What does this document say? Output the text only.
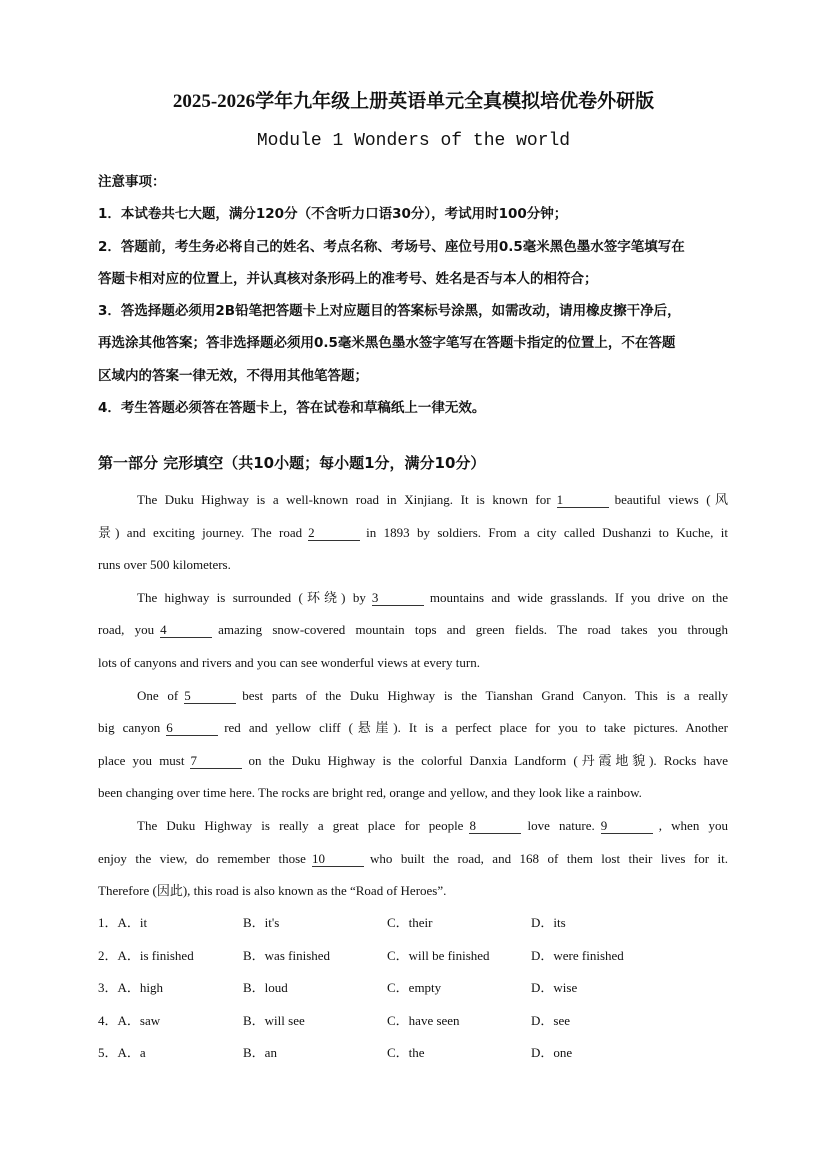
2025-2026学年九年级上册英语单元全真模拟培优卷外研版
Module 1 Wonders of the world
注意事项：
1．本试卷共七大题，满分120分（不含听力口语30分），考试用时100分钟；
2．答题前，考生务必将自己的姓名、考点名称、考场号、座位号用0.5毫米黑色墨水签字笔填写在
答题卡相对应的位置上，并认真核对条形码上的准考号、姓名是否与本人的相符合；
3．答选择题必须用2B铅笔把答题卡上对应题目的答案标号涂黑，如需改动，请用橡皮擦干净后，
再选涂其他答案；答非选择题必须用0.5毫米黑色墨水签字笔写在答题卡指定的位置上，不在答题
区域内的答案一律无效，不得用其他笔答题；
4．考生答题必须答在答题卡上，答在试卷和草稿纸上一律无效。
第一部分 完形填空（共10小题；每小题1分，满分10分）
The Duku Highway is a well-known road in Xinjiang. It is known for 1	beautiful views (风
景) and exciting journey. The road 2	in 1893 by soldiers. From a city called Dushanzi to Kuche, it
runs over 500 kilometers.
The highway is surrounded (环绕) by 3	mountains and wide grasslands. If you drive on the
road, you 4	amazing snow-covered mountain tops and green fields. The road takes you through
lots of canyons and rivers and you can see wonderful views at every turn.
One of 5	best parts of the Duku Highway is the Tianshan Grand Canyon. This is a really
big canyon 6	red and yellow cliff (悬崖). It is a perfect place for you to take pictures. Another
place you must 7	on the Duku Highway is the colorful Danxia Landform (丹霞地貌). Rocks have
been changing over time here. The rocks are bright red, orange and yellow, and they look like a rainbow.
The Duku Highway is really a great place for people 8	love nature. 9	, when you
enjoy the view, do remember those 10	who built the road, and 168 of them lost their lives for it.
Therefore (因此), this road is also known as the “Road of Heroes”.
1．A．it	B．it's	C．their	D．its
2．A．is finished	B．was finished	C．will be finished	D．were finished
3．A．high	B．loud	C．empty	D．wise
4．A．saw	B．will see	C．have seen	D．see
5．A．a	B．an	C．the	D．one
